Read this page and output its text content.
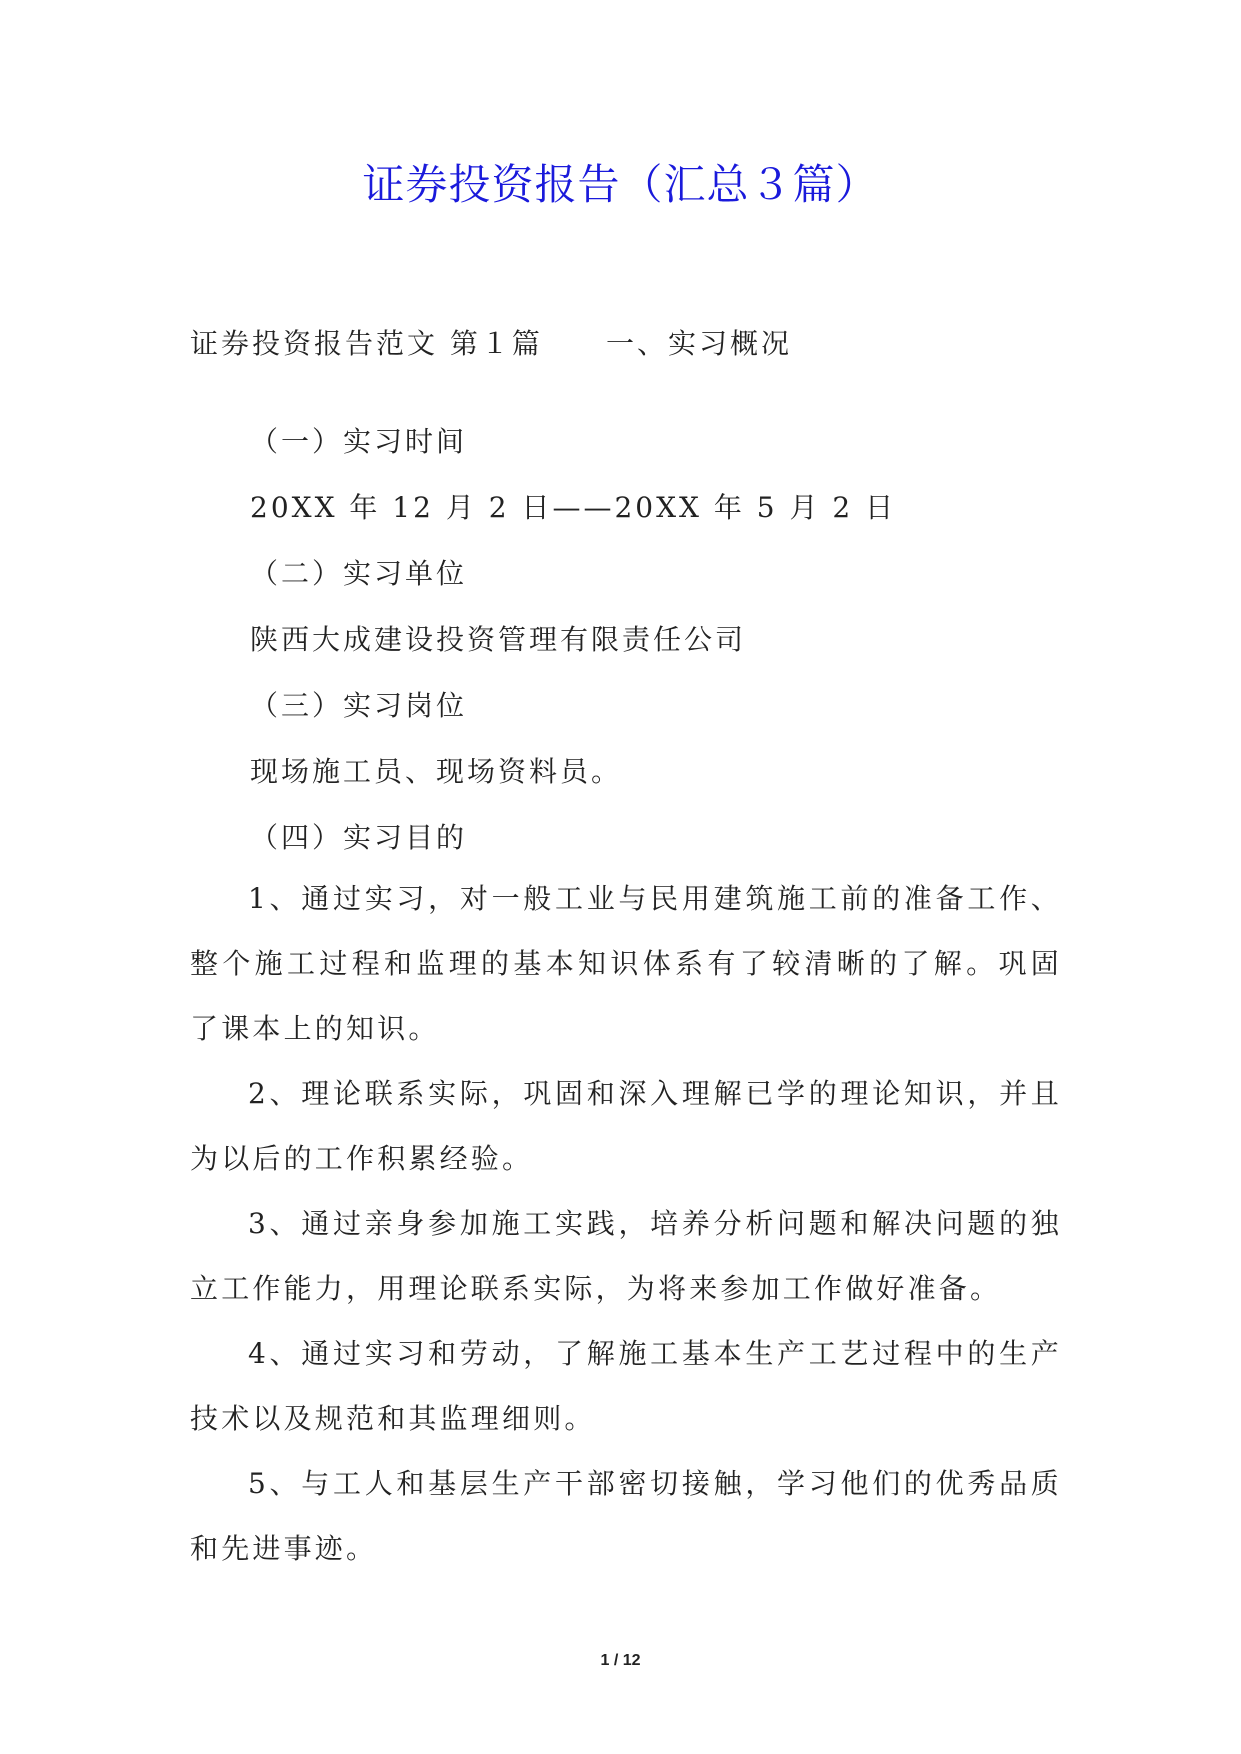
证券投资报告（汇总３篇）
证券投资报告范文 第１篇 一、实习概况
（一）实习时间
20XX 年 12 月 2 日——20XX 年 5 月 2 日
（二）实习单位
陕西大成建设投资管理有限责任公司
（三）实习岗位
现场施工员、现场资料员。
（四）实习目的

1、通过实习，对一般工业与民用建筑施工前的准备工作、整个施工过程和监理的基本知识体系有了较清晰的了解。巩固了课本上的知识。

2、理论联系实际，巩固和深入理解已学的理论知识，并且为以后的工作积累经验。

3、通过亲身参加施工实践，培养分析问题和解决问题的独立工作能力，用理论联系实际，为将来参加工作做好准备。

4、通过实习和劳动，了解施工基本生产工艺过程中的生产技术以及规范和其监理细则。

5、与工人和基层生产干部密切接触，学习他们的优秀品质和先进事迹。

1 / 12
